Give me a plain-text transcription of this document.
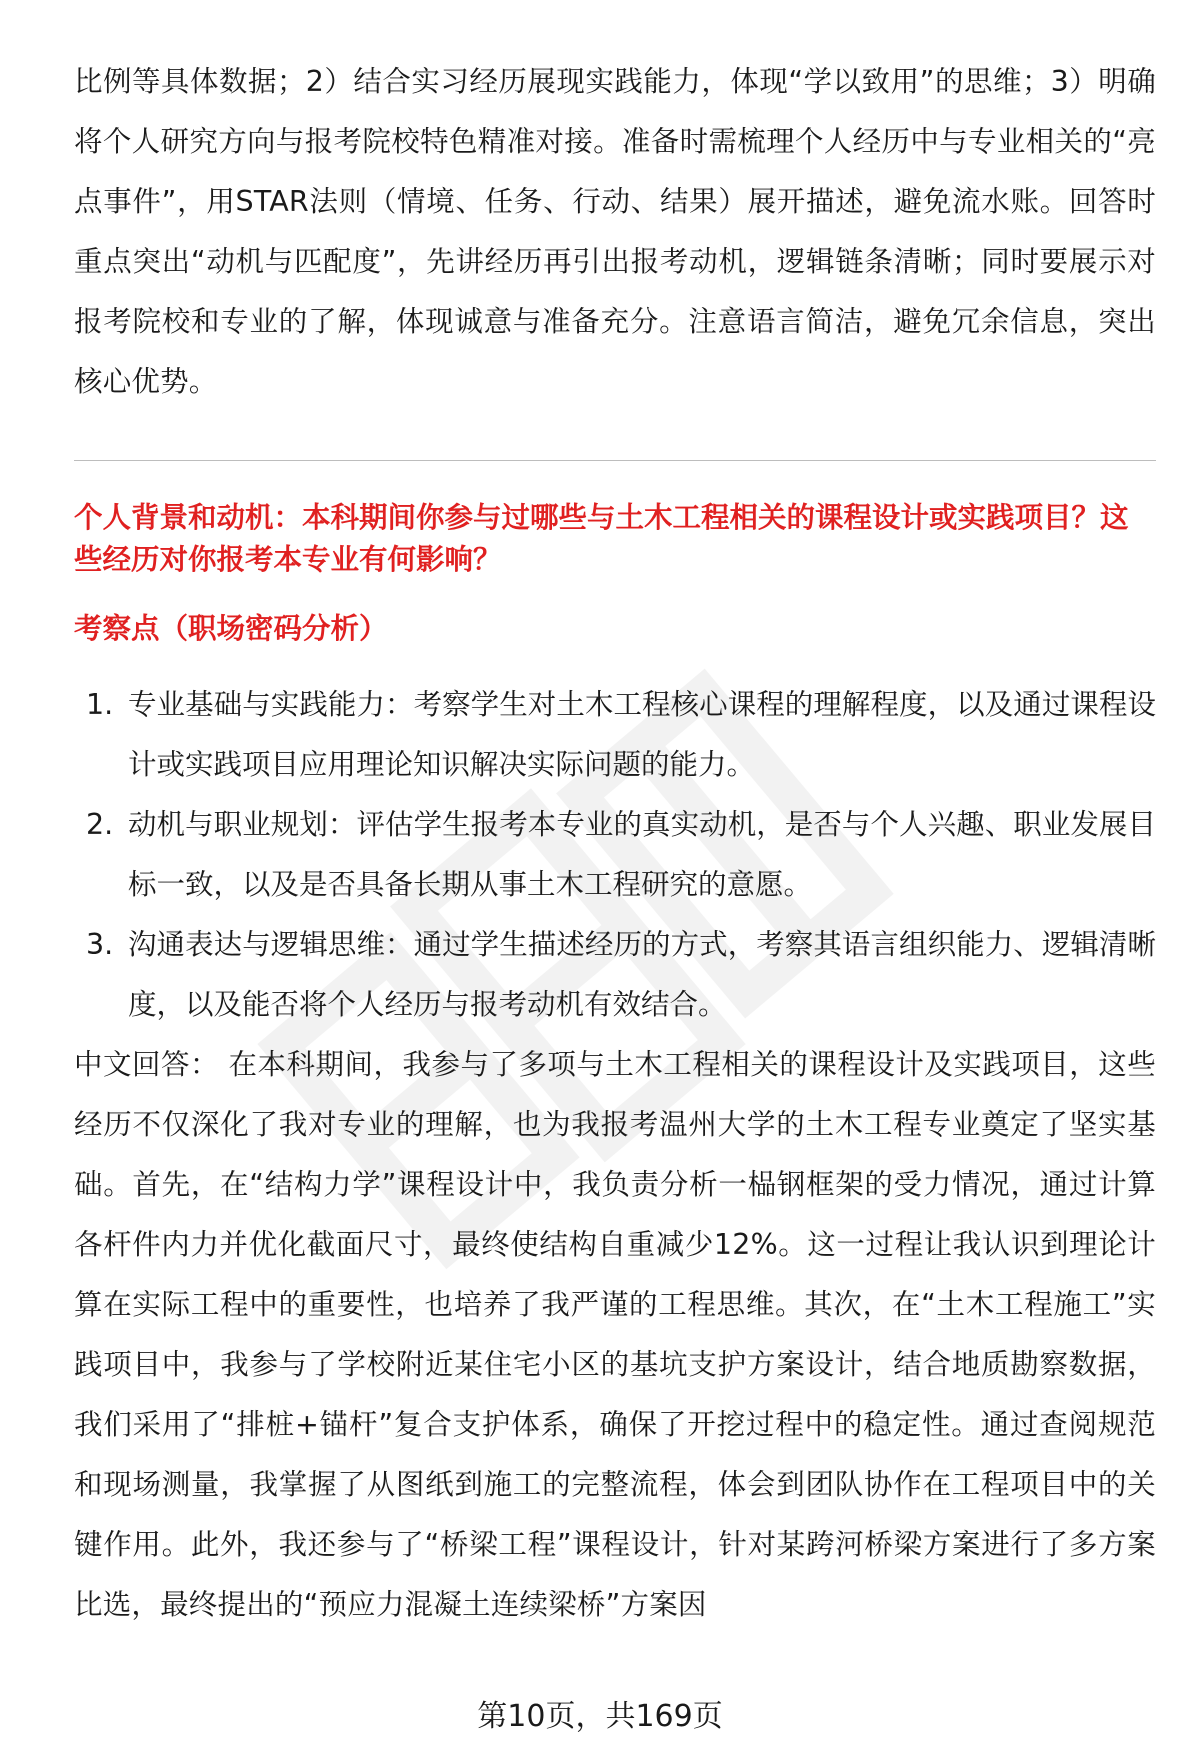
比例等具体数据；2）结合实习经历展现实践能力，体现“学以致用”的思维；3）明确将个人研究方向与报考院校特色精准对接。准备时需梳理个人经历中与专业相关的“亮点事件”，用STAR法则（情境、任务、行动、结果）展开描述，避免流水账。回答时重点突出“动机与匹配度”，先讲经历再引出报考动机，逻辑链条清晰；同时要展示对报考院校和专业的了解，体现诚意与准备充分。注意语言简洁，避免冗余信息，突出核心优势。

个人背景和动机：本科期间你参与过哪些与土木工程相关的课程设计或实践项目？这些经历对你报考本专业有何影响？

考察点（职场密码分析）

1. 专业基础与实践能力：考察学生对土木工程核心课程的理解程度，以及通过课程设计或实践项目应用理论知识解决实际问题的能力。
2. 动机与职业规划：评估学生报考本专业的真实动机，是否与个人兴趣、职业发展目标一致，以及是否具备长期从事土木工程研究的意愿。
3. 沟通表达与逻辑思维：通过学生描述经历的方式，考察其语言组织能力、逻辑清晰度，以及能否将个人经历与报考动机有效结合。

中文回答： 在本科期间，我参与了多项与土木工程相关的课程设计及实践项目，这些经历不仅深化了我对专业的理解，也为我报考温州大学的土木工程专业奠定了坚实基础。首先，在“结构力学”课程设计中，我负责分析一榀钢框架的受力情况，通过计算各杆件内力并优化截面尺寸，最终使结构自重减少12%。这一过程让我认识到理论计算在实际工程中的重要性，也培养了我严谨的工程思维。其次，在“土木工程施工”实践项目中，我参与了学校附近某住宅小区的基坑支护方案设计，结合地质勘察数据，我们采用了“排桩+锚杆”复合支护体系，确保了开挖过程中的稳定性。通过查阅规范和现场测量，我掌握了从图纸到施工的完整流程，体会到团队协作在工程项目中的关键作用。此外，我还参与了“桥梁工程”课程设计，针对某跨河桥梁方案进行了多方案比选，最终提出的“预应力混凝土连续梁桥”方案因

第10页，共169页
